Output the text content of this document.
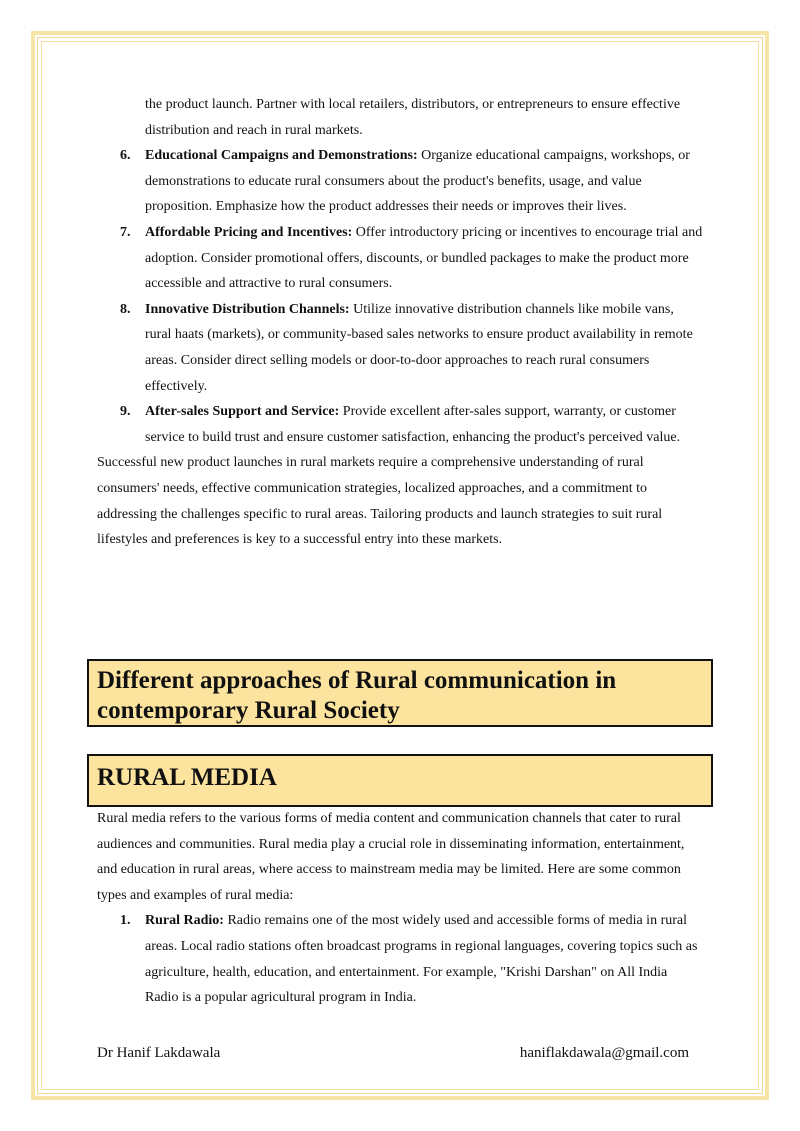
the product launch. Partner with local retailers, distributors, or entrepreneurs to ensure effective distribution and reach in rural markets.
6. Educational Campaigns and Demonstrations: Organize educational campaigns, workshops, or demonstrations to educate rural consumers about the product's benefits, usage, and value proposition. Emphasize how the product addresses their needs or improves their lives.
7. Affordable Pricing and Incentives: Offer introductory pricing or incentives to encourage trial and adoption. Consider promotional offers, discounts, or bundled packages to make the product more accessible and attractive to rural consumers.
8. Innovative Distribution Channels: Utilize innovative distribution channels like mobile vans, rural haats (markets), or community-based sales networks to ensure product availability in remote areas. Consider direct selling models or door-to-door approaches to reach rural consumers effectively.
9. After-sales Support and Service: Provide excellent after-sales support, warranty, or customer service to build trust and ensure customer satisfaction, enhancing the product's perceived value.

Successful new product launches in rural markets require a comprehensive understanding of rural consumers' needs, effective communication strategies, localized approaches, and a commitment to addressing the challenges specific to rural areas. Tailoring products and launch strategies to suit rural lifestyles and preferences is key to a successful entry into these markets.

Different approaches of Rural communication in contemporary Rural Society
RURAL MEDIA

Rural media refers to the various forms of media content and communication channels that cater to rural audiences and communities. Rural media play a crucial role in disseminating information, entertainment, and education in rural areas, where access to mainstream media may be limited. Here are some common types and examples of rural media:

1. Rural Radio: Radio remains one of the most widely used and accessible forms of media in rural areas. Local radio stations often broadcast programs in regional languages, covering topics such as agriculture, health, education, and entertainment. For example, "Krishi Darshan" on All India Radio is a popular agricultural program in India.
Dr Hanif Lakdawala	haniflakdawala@gmail.com
